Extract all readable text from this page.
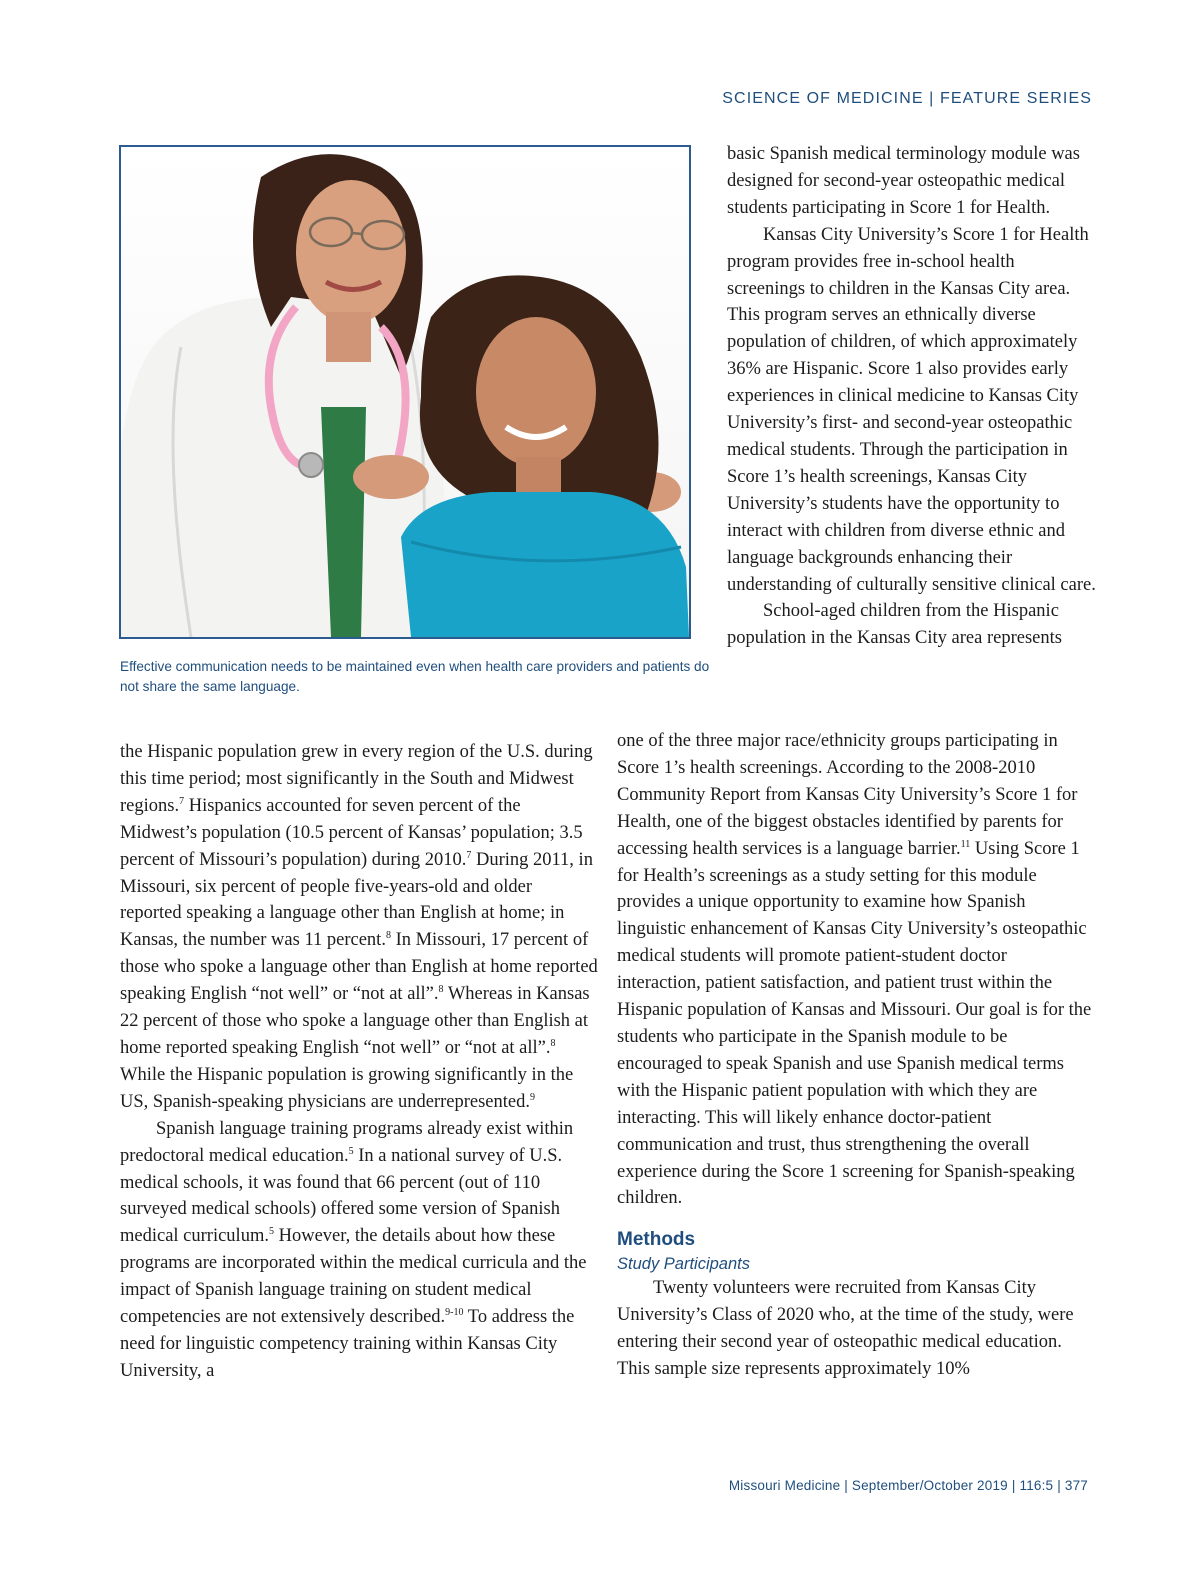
SCIENCE OF MEDICINE | FEATURE SERIES
Effective communication needs to be maintained even when health care providers and patients do not share the same language.

basic Spanish medical terminology module was designed for second-year osteopathic medical students participating in Score 1 for Health.

Kansas City University’s Score 1 for Health program provides free in-school health screenings to children in the Kansas City area. This program serves an ethnically diverse population of children, of which approximately 36% are Hispanic. Score 1 also provides early experiences in clinical medicine to Kansas City University’s first- and second-year osteopathic medical students. Through the participation in Score 1’s health screenings, Kansas City University’s students have the opportunity to interact with children from diverse ethnic and language backgrounds enhancing their understanding of culturally sensitive clinical care.

School-aged children from the Hispanic population in the Kansas City area represents

the Hispanic population grew in every region of the U.S. during this time period; most significantly in the South and Midwest regions.$^7$ Hispanics accounted for seven percent of the Midwest’s population (10.5 percent of Kansas’ population; 3.5 percent of Missouri’s population) during 2010.$^7$ During 2011, in Missouri, six percent of people five-years-old and older reported speaking a language other than English at home; in Kansas, the number was 11 percent.$^8$ In Missouri, 17 percent of those who spoke a language other than English at home reported speaking English “not well” or “not at all”.$^8$ Whereas in Kansas 22 percent of those who spoke a language other than English at home reported speaking English “not well” or “not at all”.$^8$ While the Hispanic population is growing significantly in the US, Spanish-speaking physicians are underrepresented.$^9$

Spanish language training programs already exist within predoctoral medical education.$^5$ In a national survey of U.S. medical schools, it was found that 66 percent (out of 110 surveyed medical schools) offered some version of Spanish medical curriculum.$^5$ However, the details about how these programs are incorporated within the medical curricula and the impact of Spanish language training on student medical competencies are not extensively described.$^{9-10}$ To address the need for linguistic competency training within Kansas City University, a

one of the three major race/ethnicity groups participating in Score 1’s health screenings. According to the 2008-2010 Community Report from Kansas City University’s Score 1 for Health, one of the biggest obstacles identified by parents for accessing health services is a language barrier.$^{11}$ Using Score 1 for Health’s screenings as a study setting for this module provides a unique opportunity to examine how Spanish linguistic enhancement of Kansas City University’s osteopathic medical students will promote patient-student doctor interaction, patient satisfaction, and patient trust within the Hispanic population of Kansas and Missouri. Our goal is for the students who participate in the Spanish module to be encouraged to speak Spanish and use Spanish medical terms with the Hispanic patient population with which they are interacting. This will likely enhance doctor-patient communication and trust, thus strengthening the overall experience during the Score 1 screening for Spanish-speaking children.

Methods
Study Participants

Twenty volunteers were recruited from Kansas City University’s Class of 2020 who, at the time of the study, were entering their second year of osteopathic medical education. This sample size represents approximately 10%

Missouri Medicine | September/October 2019 | 116:5 | 377
